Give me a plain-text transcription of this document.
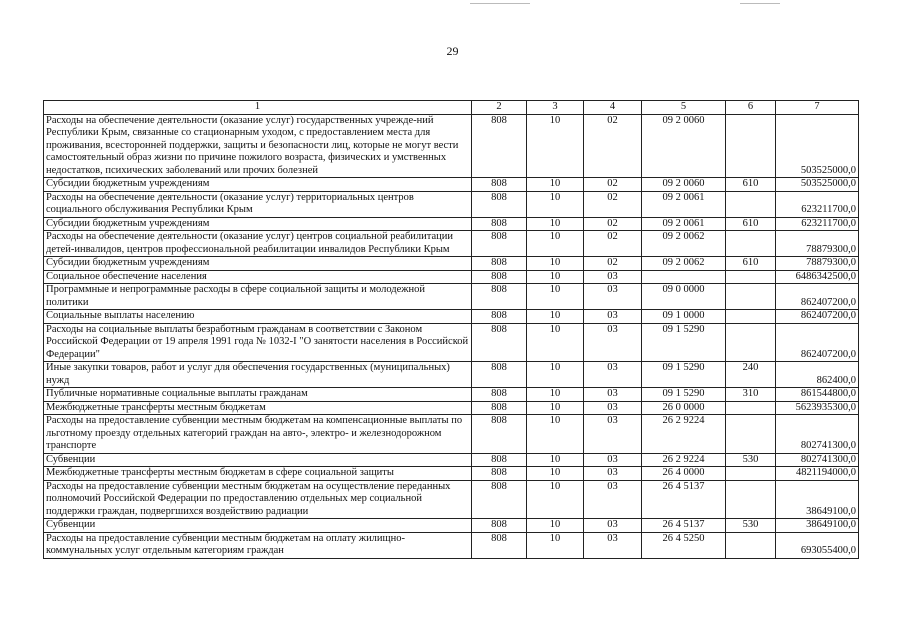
29
1	2	3	4	5	6	7
Расходы на обеспечение деятельности (оказание услуг) государственных учрежде-ний Республики Крым, связанные со стационарным уходом, с предоставлением места для проживания, всесторонней поддержки, защиты и безопасности лиц, которые не могут вести самостоятельный образ жизни по причине пожилого возраста, физических и умственных недостатков, психических заболеваний или прочих болезней	808	10	02	09 2 0060		503525000,0
Субсидии бюджетным учреждениям	808	10	02	09 2 0060	610	503525000,0
Расходы на обеспечение деятельности (оказание услуг) территориальных центров социального обслуживания Республики Крым	808	10	02	09 2 0061		623211700,0
Субсидии бюджетным учреждениям	808	10	02	09 2 0061	610	623211700,0
Расходы на обеспечение деятельности (оказание услуг) центров социальной реабилитации детей-инвалидов, центров профессиональной реабилитации инвалидов Республики Крым	808	10	02	09 2 0062		78879300,0
Субсидии бюджетным учреждениям	808	10	02	09 2 0062	610	78879300,0
Социальное обеспечение населения	808	10	03			6486342500,0
Программные и непрограммные расходы в сфере социальной защиты и молодежной политики	808	10	03	09 0 0000		862407200,0
Социальные выплаты населению	808	10	03	09 1 0000		862407200,0
Расходы на социальные выплаты безработным гражданам в соответствии с Законом Российской Федерации от 19 апреля 1991 года № 1032-I "О занятости населения в Российской Федерации"	808	10	03	09 1 5290		862407200,0
Иные закупки товаров, работ и услуг для обеспечения государственных (муниципальных) нужд	808	10	03	09 1 5290	240	862400,0
Публичные нормативные социальные выплаты гражданам	808	10	03	09 1 5290	310	861544800,0
Межбюджетные трансферты местным бюджетам	808	10	03	26 0 0000		5623935300,0
Расходы на предоставление субвенции местным бюджетам на компенсационные выплаты по льготному проезду отдельных категорий граждан на авто-, электро- и железнодорожном транспорте	808	10	03	26 2 9224		802741300,0
Субвенции	808	10	03	26 2 9224	530	802741300,0
Межбюджетные трансферты местным бюджетам в сфере социальной защиты	808	10	03	26 4 0000		4821194000,0
Расходы на предоставление субвенции местным бюджетам на осуществление переданных полномочий Российской Федерации по предоставлению отдельных мер социальной поддержки граждан, подвергшихся воздействию радиации	808	10	03	26 4 5137		38649100,0
Субвенции	808	10	03	26 4 5137	530	38649100,0
Расходы на предоставление субвенции местным бюджетам на оплату жилищно-коммунальных услуг отдельным категориям граждан	808	10	03	26 4 5250		693055400,0
